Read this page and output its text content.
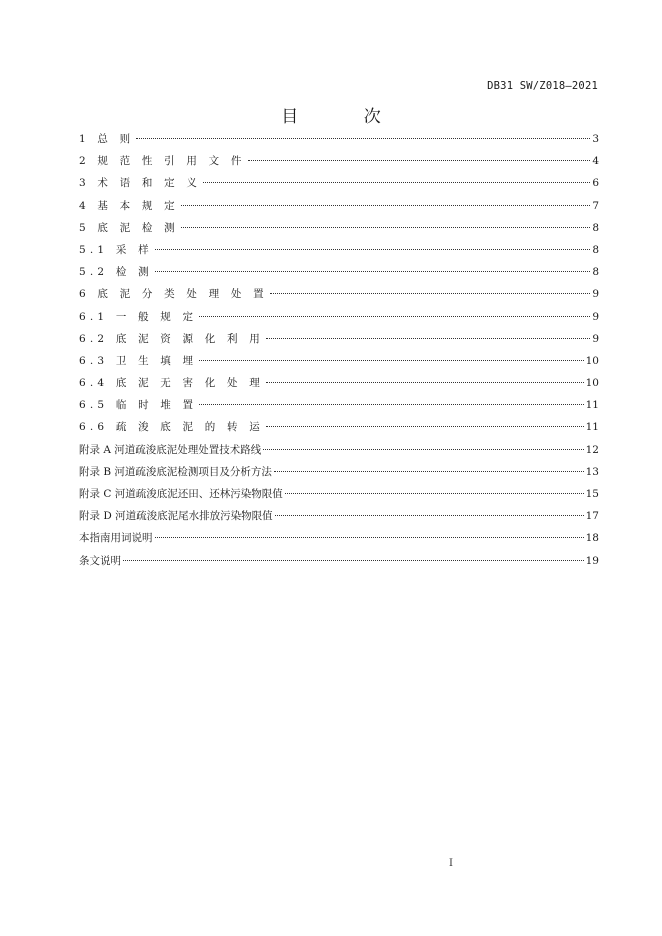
DB31 SW/Z018—2021
目 次
1 总 则	3
2 规 范 性 引 用 文 件	4
3 术 语 和 定 义	6
4 基 本 规 定	7
5 底 泥 检 测	8
5.1 采 样	8
5.2 检 测	8
6 底 泥 分 类 处 理 处 置	9
6.1 一 般 规 定	9
6.2 底 泥 资 源 化 利 用	9
6.3 卫 生 填 埋	10
6.4 底 泥 无 害 化 处 理	10
6.5 临 时 堆 置	11
6.6 疏 浚 底 泥 的 转 运	11
附录 A 河道疏浚底泥处理处置技术路线	12
附录 B 河道疏浚底泥检测项目及分析方法	13
附录 C 河道疏浚底泥还田、还林污染物限值	15
附录 D 河道疏浚底泥尾水排放污染物限值	17
本指南用词说明	18
条文说明	19
I
